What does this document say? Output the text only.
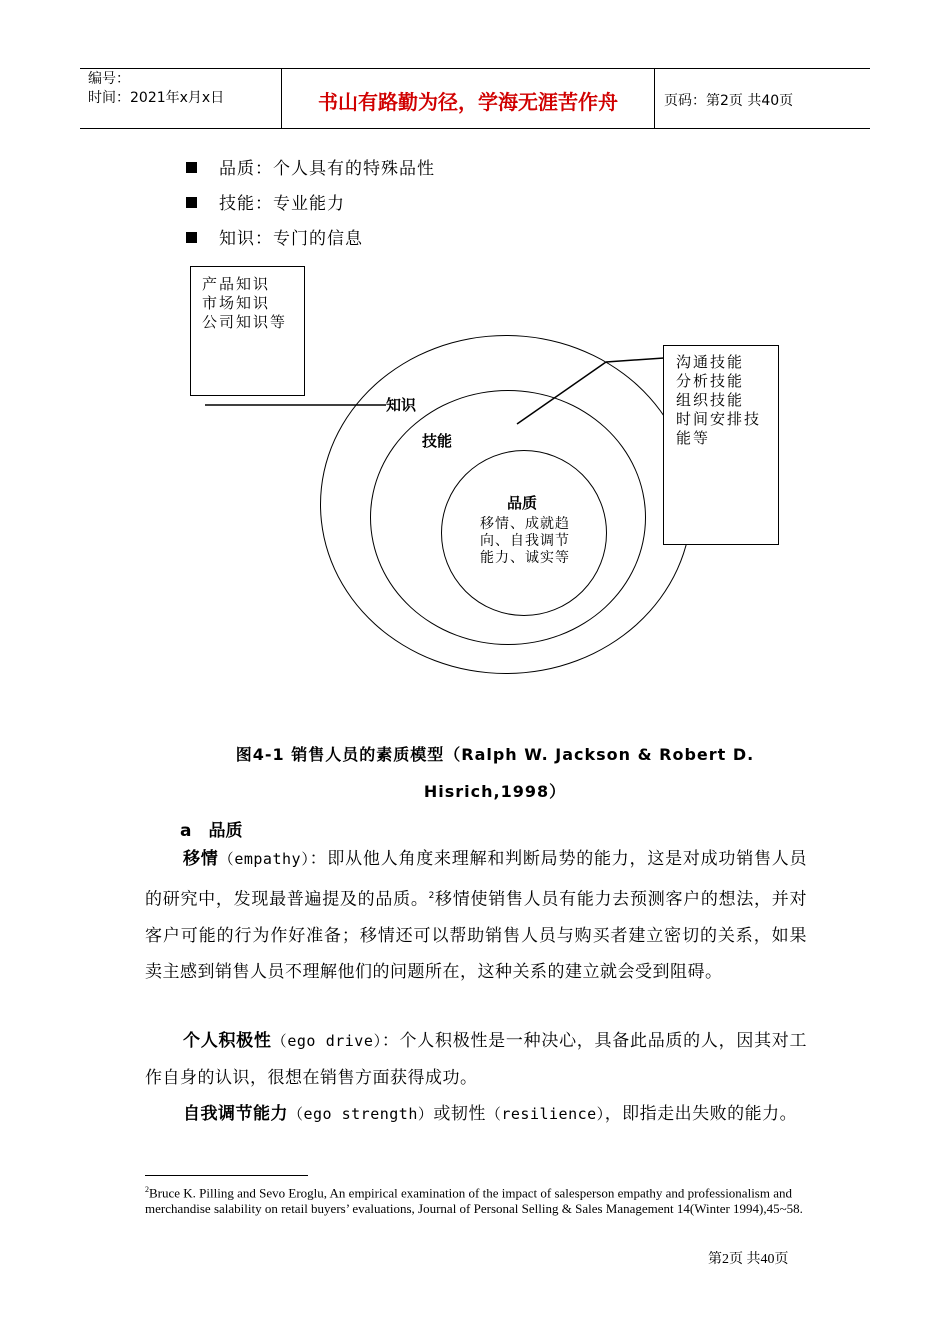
编号：
时间：2021年x月x日	书山有路勤为径，学海无涯苦作舟	页码：第2页 共40页
品质：个人具有的特殊品性
技能：专业能力
知识：专门的信息
产品知识
市场知识
公司知识等
沟通技能
分析技能
组织技能
时间安排技
能等
知识
技能
品质
移情、成就趋
向、自我调节
能力、诚实等
图4-1 销售人员的素质模型（Ralph W. Jackson & Robert D.
Hisrich,1998）
a　品质
移情（empathy）：即从他人角度来理解和判断局势的能力，这是对成功销售人员的研究中，发现最普遍提及的品质。$^2$移情使销售人员有能力去预测客户的想法，并对客户可能的行为作好准备；移情还可以帮助销售人员与购买者建立密切的关系，如果卖主感到销售人员不理解他们的问题所在，这种关系的建立就会受到阻碍。
个人积极性（ego drive）：个人积极性是一种决心，具备此品质的人，因其对工作自身的认识，很想在销售方面获得成功。
自我调节能力（ego strength）或韧性（resilience），即指走出失败的能力。
$^2$Bruce K. Pilling and Sevo Eroglu, An empirical examination of the impact of salesperson empathy and professionalism and merchandise salability on retail buyers’ evaluations, Journal of Personal Selling & Sales Management 14(Winter 1994),45~58.
第2页 共40页
